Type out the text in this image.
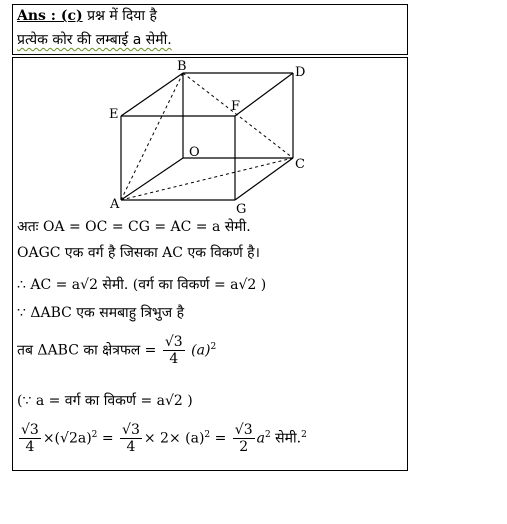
Ans : (c) प्रश्न में दिया है
प्रत्येक कोर की लम्बाई a सेमी.
B	D
E
F
O
C
A	G
अतः OA = OC = CG = AC = a सेमी.
OAGC एक वर्ग है जिसका AC एक विकर्ण है।
∴ AC = a√2 सेमी. (वर्ग का विकर्ण = a√2 )
∵ ΔABC एक समबाहु त्रिभुज है
तब ΔABC का क्षेत्रफल = $\frac{√3}{4} (a)^2$
(∵ a = वर्ग का विकर्ण = a√2 )
$\frac{√3}{4} \times(√2a)^2 = \frac{√3}{4} \times 2\times (a)^2 = \frac{√3}{2} a^2$ सेमी.$^2$
